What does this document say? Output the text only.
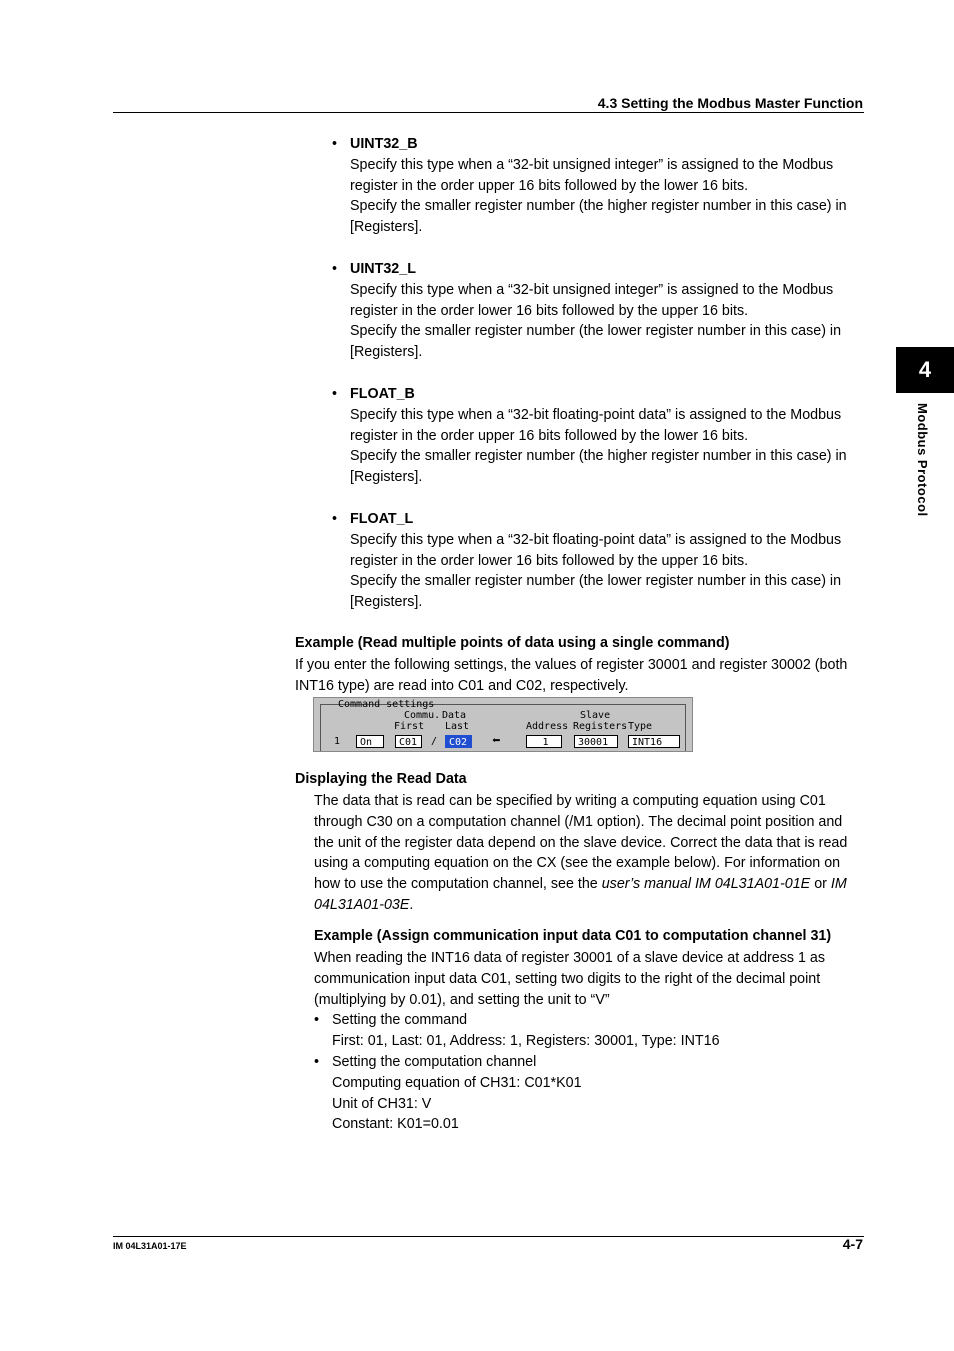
4.3 Setting the Modbus Master Function
4
Modbus Protocol
• UINT32_B
Specify this type when a “32-bit unsigned integer” is assigned to the Modbus register in the order upper 16 bits followed by the lower 16 bits.
Specify the smaller register number (the higher register number in this case) in [Registers].
• UINT32_L
Specify this type when a “32-bit unsigned integer” is assigned to the Modbus register in the order lower 16 bits followed by the upper 16 bits.
Specify the smaller register number (the lower register number in this case) in [Registers].
• FLOAT_B
Specify this type when a “32-bit floating-point data” is assigned to the Modbus register in the order upper 16 bits followed by the lower 16 bits.
Specify the smaller register number (the higher register number in this case) in [Registers].
• FLOAT_L
Specify this type when a “32-bit floating-point data” is assigned to the Modbus register in the order lower 16 bits followed by the upper 16 bits.
Specify the smaller register number (the lower register number in this case) in [Registers].
Example (Read multiple points of data using a single command)
If you enter the following settings, the values of register 30001 and register 30002 (both INT16 type) are read into C01 and C02, respectively.
Command settings
Commu. Data
First Last
Slave
Address Registers Type
1	On	C01	/	C02	⬅	1	30001	INT16
Displaying the Read Data
The data that is read can be specified by writing a computing equation using C01 through C30 on a computation channel (/M1 option). The decimal point position and the unit of the register data depend on the slave device. Correct the data that is read using a computing equation on the CX (see the example below). For information on how to use the computation channel, see the user’s manual IM 04L31A01-01E or IM 04L31A01-03E.
Example (Assign communication input data C01 to computation channel 31)
When reading the INT16 data of register 30001 of a slave device at address 1 as communication input data C01, setting two digits to the right of the decimal point (multiplying by 0.01), and setting the unit to “V”
• Setting the command
First: 01, Last: 01, Address: 1, Registers: 30001, Type: INT16
• Setting the computation channel
Computing equation of CH31: C01*K01
Unit of CH31: V
Constant: K01=0.01
IM 04L31A01-17E	4-7
